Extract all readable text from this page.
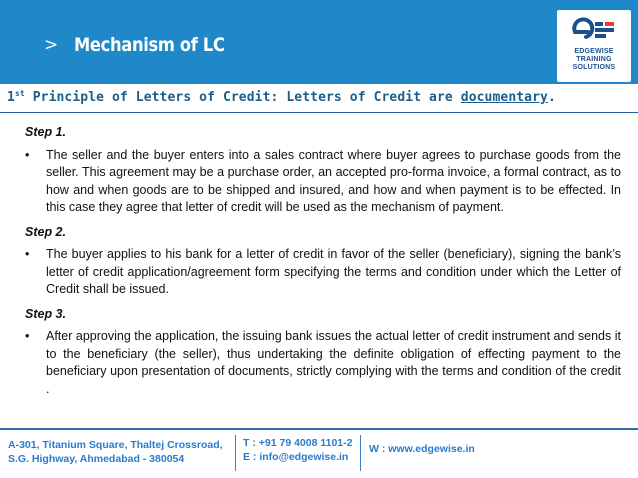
> Mechanism of LC	EDGEWISE
TRAINING
SOLUTIONS
1st Principle of Letters of Credit: Letters of Credit are documentary.
Step 1.
•	The seller and the buyer enters into a sales contract where buyer agrees to purchase goods from the seller. This agreement may be a purchase order, an accepted pro-forma invoice, a formal contract, as to how and when goods are to be shipped and insured, and how and when payment is to be effected. In this case they agree that letter of credit will be used as the mechanism of payment.
Step 2.
•	The buyer applies to his bank for a letter of credit in favor of the seller (beneficiary), signing the bank’s letter of credit application/agreement form specifying the terms and condition under which the Letter of Credit shall be issued.
Step 3.
•	After approving the application, the issuing bank issues the actual letter of credit instrument and sends it to the beneficiary (the seller), thus undertaking the definite obligation of effecting payment to the beneficiary upon presentation of documents, strictly complying with the terms and condition of the credit .
A-301, Titanium Square, Thaltej Crossroad,
S.G. Highway, Ahmedabad - 380054
T : +91 79 4008 1101-2
E : info@edgewise.in
W : www.edgewise.in
